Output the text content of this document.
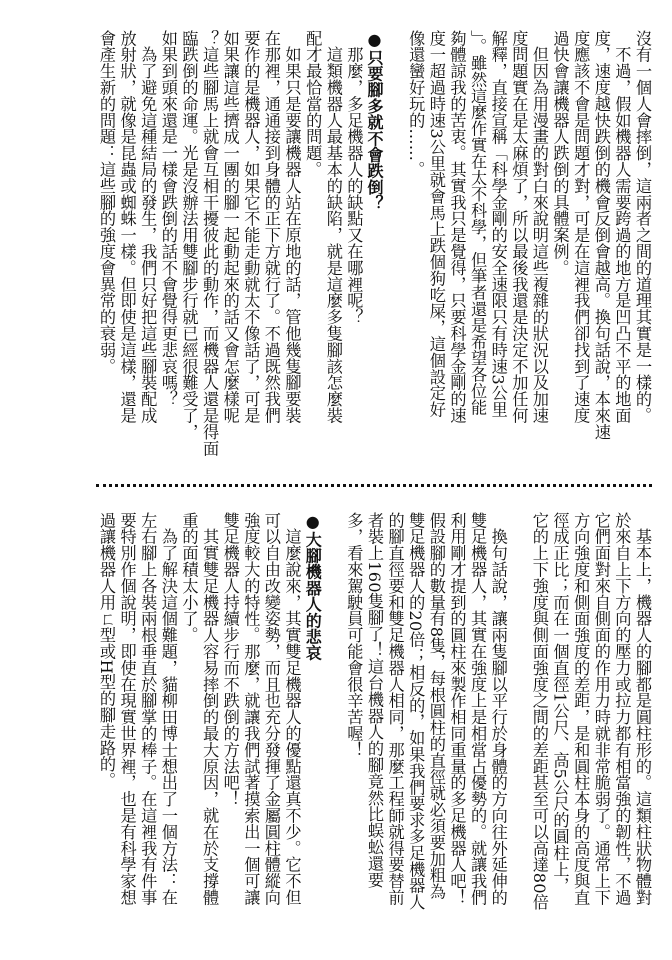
沒有一個人會摔倒，這兩者之間的道理其實是一樣的。
　不過，假如機器人需要跨過的地方是凹凸不平的地面
度，速度越快跌倒的機會反倒會越高。換句話說，本來速
度應該不會是問題才對，可是在這裡我們卻找到了速度
過快會讓機器人跌倒的具體案例。
　但因為用漫畫的對白來說明這些複雜的狀況以及加速
度問題實在是太麻煩了，所以最後我還是決定不加任何
解釋，直接宣稱「科學金剛的安全速限只有時速3公里
」。雖然這麼作實在太不科學，但筆者還是希望各位能
夠體諒我的苦衷。其實我只是覺得，只要科學金剛的速
度一超過時速3公里就會馬上跌個狗吃屎，這個設定好
像還蠻好玩的……。
●只要腳多就不會跌倒？
　那麼，多足機器人的缺點又在哪裡呢？
　這類機器人最基本的缺陷，就是這麼多隻腳該怎麼裝
配才最恰當的問題。
　如果只是要讓機器人站在原地的話，管他幾隻腳要裝
在那裡，通通接到身體的正下方就行了。不過既然我們
要作的是機器人，如果它不能走動就太不像話了，可是
如果讓這些擠成一團的腳一起動起來的話又會怎麼樣呢
？這些腳馬上就會互相干擾彼此的動作，而機器人還是得面
臨跌倒的命運。光是沒辦法用雙腳步行就已經很難受了，
如果到頭來還是一樣會跌倒的話不會覺得更悲哀嗎？
　為了避免這種結局的發生，我們只好把這些腳裝配成
放射狀，就像是昆蟲或蜘蛛一樣。但即使是這樣，還是
會產生新的問題：這些腳的強度會異常的衰弱。
　基本上，機器人的腳都是圓柱形的。這類柱狀物體對
於來自上下方向的壓力或拉力都有相當強的韌性，不過
它們面對來自側面的作用力時就非常脆弱了。通常上下
方向強度和側面強度的差距，是和圓柱本身的高度與直
徑成正比；而在一個直徑1公尺、高5公尺的圓柱上，
它的上下強度與側面強度之間的差距甚至可以高達80倍
　換句話說，讓兩隻腳以平行於身體的方向往外延伸的
雙足機器人，其實在強度上是相當占優勢的。就讓我們
利用剛才提到的圓柱來製作相同重量的多足機器人吧！
假設腳的數量有8隻，每根圓柱的直徑就必須要加粗為
雙足機器人的20倍；相反的，如果我們要求多足機器人
的腳直徑要和雙足機器人相同，那麼工程師就得要替前
者裝上160隻腳了！這台機器人的腳竟然比蜈蚣還要
多，看來駕駛員可能會很辛苦喔！
●大腳機器人的悲哀
　這麼說來，其實雙足機器人的優點還真不少。它不但
可以自由改變姿勢，而且也充分發揮了金屬圓柱體縱向
強度較大的特性。那麼，就讓我們試著摸索出一個可讓
雙足機器人持續步行而不跌倒的方法吧！
　其實雙足機器人容易摔倒的最大原因，就在於支撐體
重的面積太小了。
　為了解決這個難題，貓柳田博士想出了一個方法：在
左右腳上各裝兩根垂直於腳掌的棒子。在這裡我有件事
要特別作個說明，即使在現實世界裡，也是有科學家想
過讓機器人用ㄈ型或H型的腳走路的。
